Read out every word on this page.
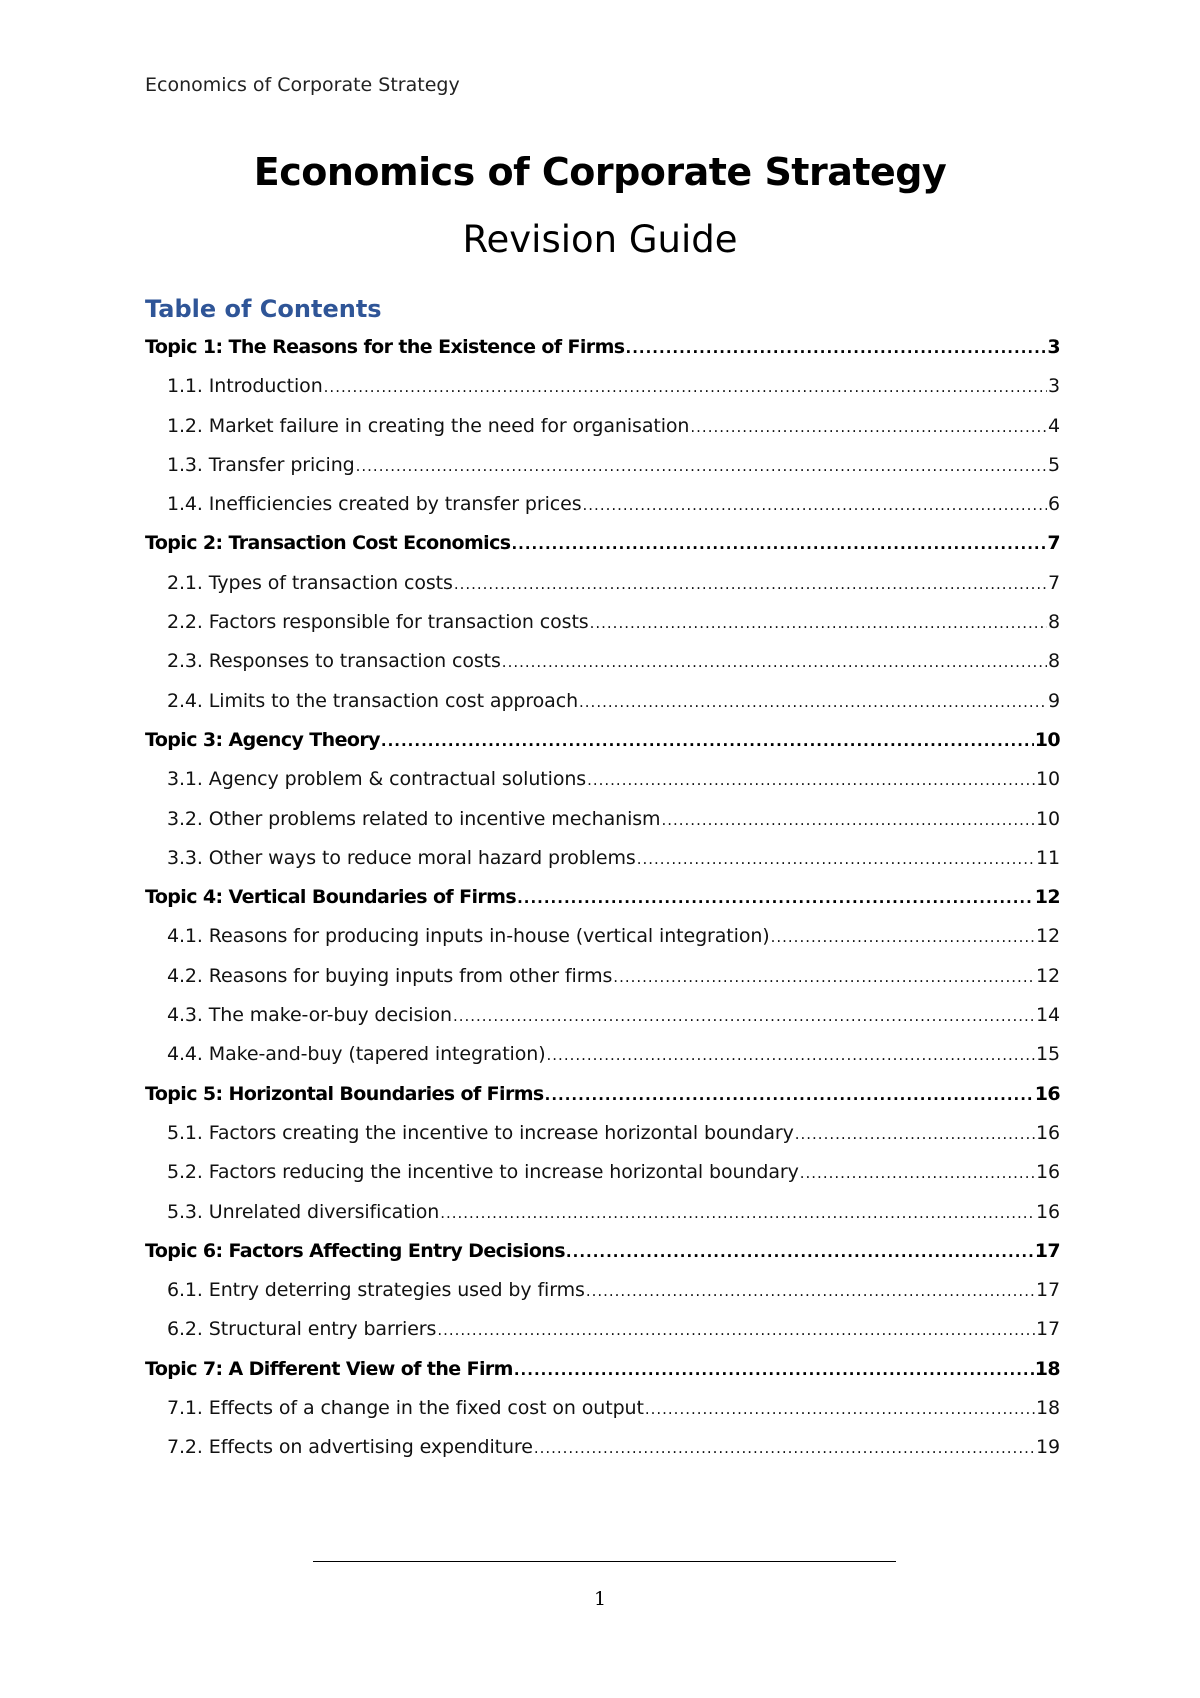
Economics of Corporate Strategy
Economics of Corporate Strategy
Revision Guide
Table of Contents
Topic 1: The Reasons for the Existence of Firms .....	3
1.1. Introduction .....	3
1.2. Market failure in creating the need for organisation .....	4
1.3. Transfer pricing .....	5
1.4. Inefficiencies created by transfer prices .....	6
Topic 2: Transaction Cost Economics .....	7
2.1. Types of transaction costs .....	7
2.2. Factors responsible for transaction costs .....	8
2.3. Responses to transaction costs .....	8
2.4. Limits to the transaction cost approach .....	9
Topic 3: Agency Theory .....	10
3.1. Agency problem & contractual solutions .....	10
3.2. Other problems related to incentive mechanism .....	10
3.3. Other ways to reduce moral hazard problems .....	11
Topic 4: Vertical Boundaries of Firms .....	12
4.1. Reasons for producing inputs in-house (vertical integration) .....	12
4.2. Reasons for buying inputs from other firms .....	12
4.3. The make-or-buy decision .....	14
4.4. Make-and-buy (tapered integration) .....	15
Topic 5: Horizontal Boundaries of Firms .....	16
5.1. Factors creating the incentive to increase horizontal boundary .....	16
5.2. Factors reducing the incentive to increase horizontal boundary .....	16
5.3. Unrelated diversification .....	16
Topic 6: Factors Affecting Entry Decisions .....	17
6.1. Entry deterring strategies used by firms .....	17
6.2. Structural entry barriers .....	17
Topic 7: A Different View of the Firm .....	18
7.1. Effects of a change in the fixed cost on output .....	18
7.2. Effects on advertising expenditure .....	19
1
